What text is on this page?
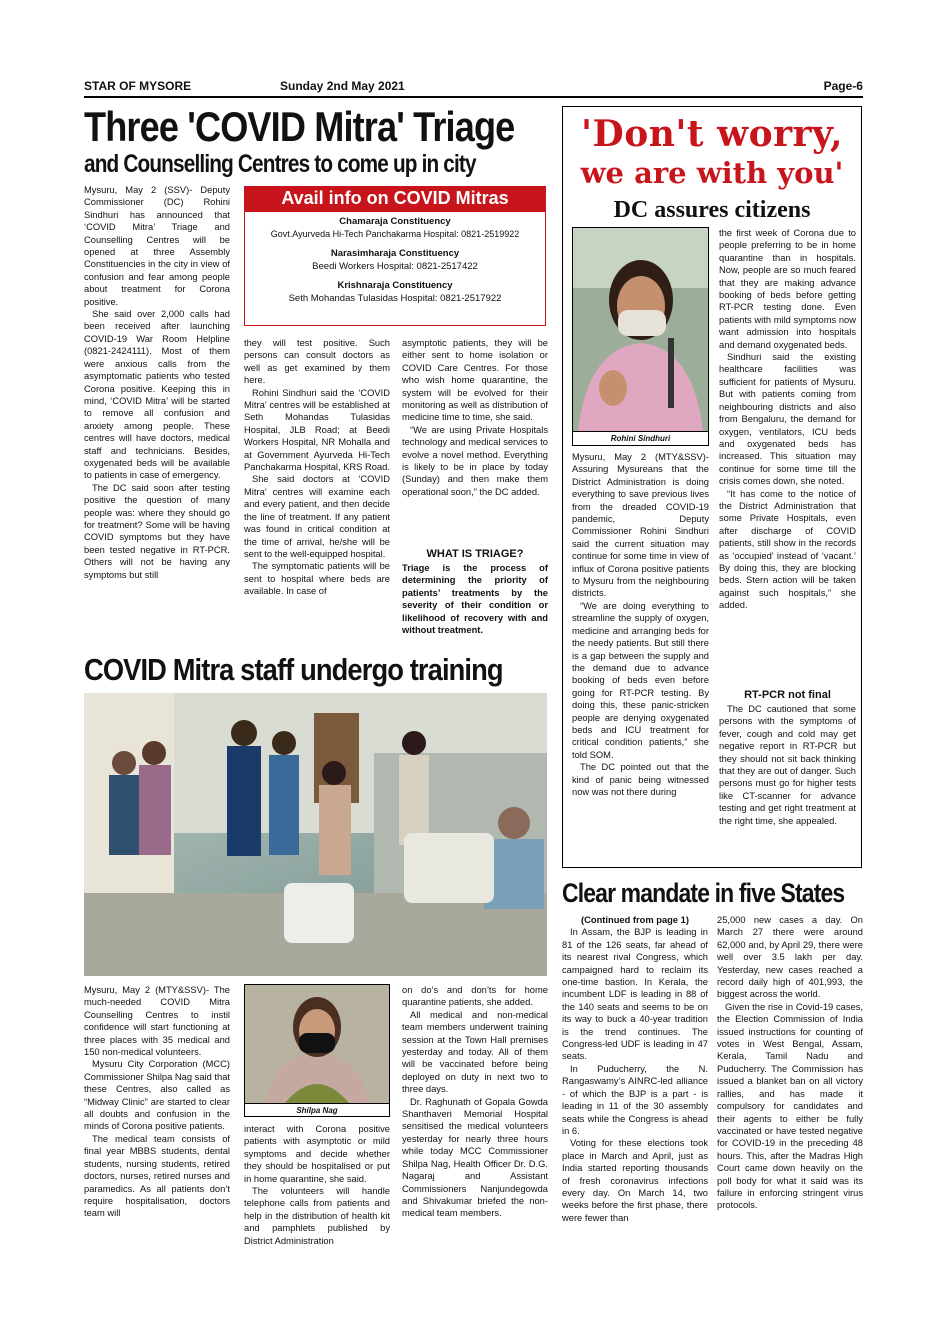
STAR OF MYSORE	Sunday 2nd May 2021	Page-6
Three 'COVID Mitra' Triage
and Counselling Centres to come up in city

Mysuru, May 2 (SSV)- Deputy Commissioner (DC) Rohini Sindhuri has announced that ‘COVID Mitra’ Triage and Counselling Centres will be opened at three Assembly Constituencies in the city in view of confusion and fear among people about treatment for Corona positive.

She said over 2,000 calls had been received after launching COVID-19 War Room Helpline (0821-2424111). Most of them were anxious calls from the asymptomatic patients who tested Corona positive. Keeping this in mind, ‘COVID Mitra’ will be started to remove all confusion and anxiety among people. These centres will have doctors, medical staff and technicians. Besides, oxygenated beds will be available to patients in case of emergency.

The DC said soon after testing positive the question of many people was: where they should go for treatment? Some will be having COVID symptoms but they have been tested negative in RT-PCR. Others will not be having any symptoms but still

Avail info on COVID Mitras
Chamaraja Constituency
Govt.Ayurveda Hi-Tech Panchakarma Hospital: 0821-2519922
Narasimharaja Constituency
Beedi Workers Hospital: 0821-2517422
Krishnaraja Constituency
Seth Mohandas Tulasidas Hospital: 0821-2517922

they will test positive. Such persons can consult doctors as well as get examined by them here.

Rohini Sindhuri said the ‘COVID Mitra’ centres will be established at Seth Mohandas Tulasidas Hospital, JLB Road; at Beedi Workers Hospital, NR Mohalla and at Government Ayurveda Hi-Tech Panchakarma Hospital, KRS Road.

She said doctors at ‘COVID Mitra’ centres will examine each and every patient, and then decide the line of treatment. If any patient was found in critical condition at the time of arrival, he/she will be sent to the well-equipped hospital.

The symptomatic patients will be sent to hospital where beds are available. In case of

asymptotic patients, they will be either sent to home isolation or COVID Care Centres. For those who wish home quarantine, the system will be evolved for their monitoring as well as distribution of medicine time to time, she said.

“We are using Private Hospitals technology and medical services to evolve a novel method. Everything is likely to be in place by today (Sunday) and then make them operational soon,” the DC added.

WHAT IS TRIAGE?
Triage is the process of determining the priority of patients’ treatments by the severity of their condition or likelihood of recovery with and without treatment.
COVID Mitra staff undergo training

Mysuru, May 2 (MTY&SSV)- The much-needed COVID Mitra Counselling Centres to instil confidence will start functioning at three places with 35 medical and 150 non-medical volunteers.

Mysuru City Corporation (MCC) Commissioner Shilpa Nag said that these Centres, also called as “Midway Clinic” are started to clear all doubts and confusion in the minds of Corona positive patients.

The medical team consists of final year MBBS students, dental students, nursing students, retired doctors, nurses, retired nurses and paramedics. As all patients don’t require hospitalisation, doctors team will

Shilpa Nag

interact with Corona positive patients with asymptotic or mild symptoms and decide whether they should be hospitalised or put in home quarantine, she said.

The volunteers will handle telephone calls from patients and help in the distribution of health kit and pamphlets published by District Administration

on do’s and don’ts for home quarantine patients, she added.

All medical and non-medical team members underwent training session at the Town Hall premises yesterday and today. All of them will be vaccinated before being deployed on duty in next two to three days.

Dr. Raghunath of Gopala Gowda Shanthaveri Memorial Hospital sensitised the medical volunteers yesterday for nearly three hours while today MCC Commissioner Shilpa Nag, Health Officer Dr. D.G. Nagaraj and Assistant Commissioners Nanjundegowda and Shivakumar briefed the non-medical team members.

'Don't worry,
we are with you'
DC assures citizens
Rohini Sindhuri

Mysuru, May 2 (MTY&SSV)- Assuring Mysureans that the District Administration is doing everything to save previous lives from the dreaded COVID-19 pandemic, Deputy Commissioner Rohini Sindhuri said the current situation may continue for some time in view of influx of Corona positive patients to Mysuru from the neighbouring districts.

“We are doing everything to streamline the supply of oxygen, medicine and arranging beds for the needy patients. But still there is a gap between the supply and the demand due to advance booking of beds even before going for RT-PCR testing. By doing this, these panic-stricken people are denying oxygenated beds and ICU treatment for critical condition patients,” she told SOM.

The DC pointed out that the kind of panic being witnessed now was not there during

the first week of Corona due to people preferring to be in home quarantine than in hospitals. Now, people are so much feared that they are making advance booking of beds before getting RT-PCR testing done. Even patients with mild symptoms now want admission into hospitals and demand oxygenated beds.

Sindhuri said the existing healthcare facilities was sufficient for patients of Mysuru. But with patients coming from neighbouring districts and also from Bengaluru, the demand for oxygen, ventilators, ICU beds and oxygenated beds has increased. This situation may continue for some time till the crisis comes down, she noted.

“It has come to the notice of the District Administration that some Private Hospitals, even after discharge of COVID patients, still show in the records as ‘occupied’ instead of ‘vacant.’ By doing this, they are blocking beds. Stern action will be taken against such hospitals,” she added.

RT-PCR not final

The DC cautioned that some persons with the symptoms of fever, cough and cold may get negative report in RT-PCR but they should not sit back thinking that they are out of danger. Such persons must go for higher tests like CT-scanner for advance testing and get right treatment at the right time, she appealed.

Clear mandate in five States

(Continued from page 1)

In Assam, the BJP is leading in 81 of the 126 seats, far ahead of its nearest rival Congress, which campaigned hard to reclaim its one-time bastion. In Kerala, the incumbent LDF is leading in 88 of the 140 seats and seems to be on its way to buck a 40-year tradition is the trend continues. The Congress-led UDF is leading in 47 seats.

In Puducherry, the N. Rangaswamy’s AINRC-led alliance - of which the BJP is a part - is leading in 11 of the 30 assembly seats while the Congress is ahead in 6.

Voting for these elections took place in March and April, just as India started reporting thousands of fresh coronavirus infections every day. On March 14, two weeks before the first phase, there were fewer than

25,000 new cases a day. On March 27 there were around 62,000 and, by April 29, there were well over 3.5 lakh per day. Yesterday, new cases reached a record daily high of 401,993, the biggest across the world.

Given the rise in Covid-19 cases, the Election Commission of India issued instructions for counting of votes in West Bengal, Assam, Kerala, Tamil Nadu and Puducherry. The Commission has issued a blanket ban on all victory rallies, and has made it compulsory for candidates and their agents to either be fully vaccinated or have tested negative for COVID-19 in the preceding 48 hours. This, after the Madras High Court came down heavily on the poll body for what it said was its failure in enforcing stringent virus protocols.
